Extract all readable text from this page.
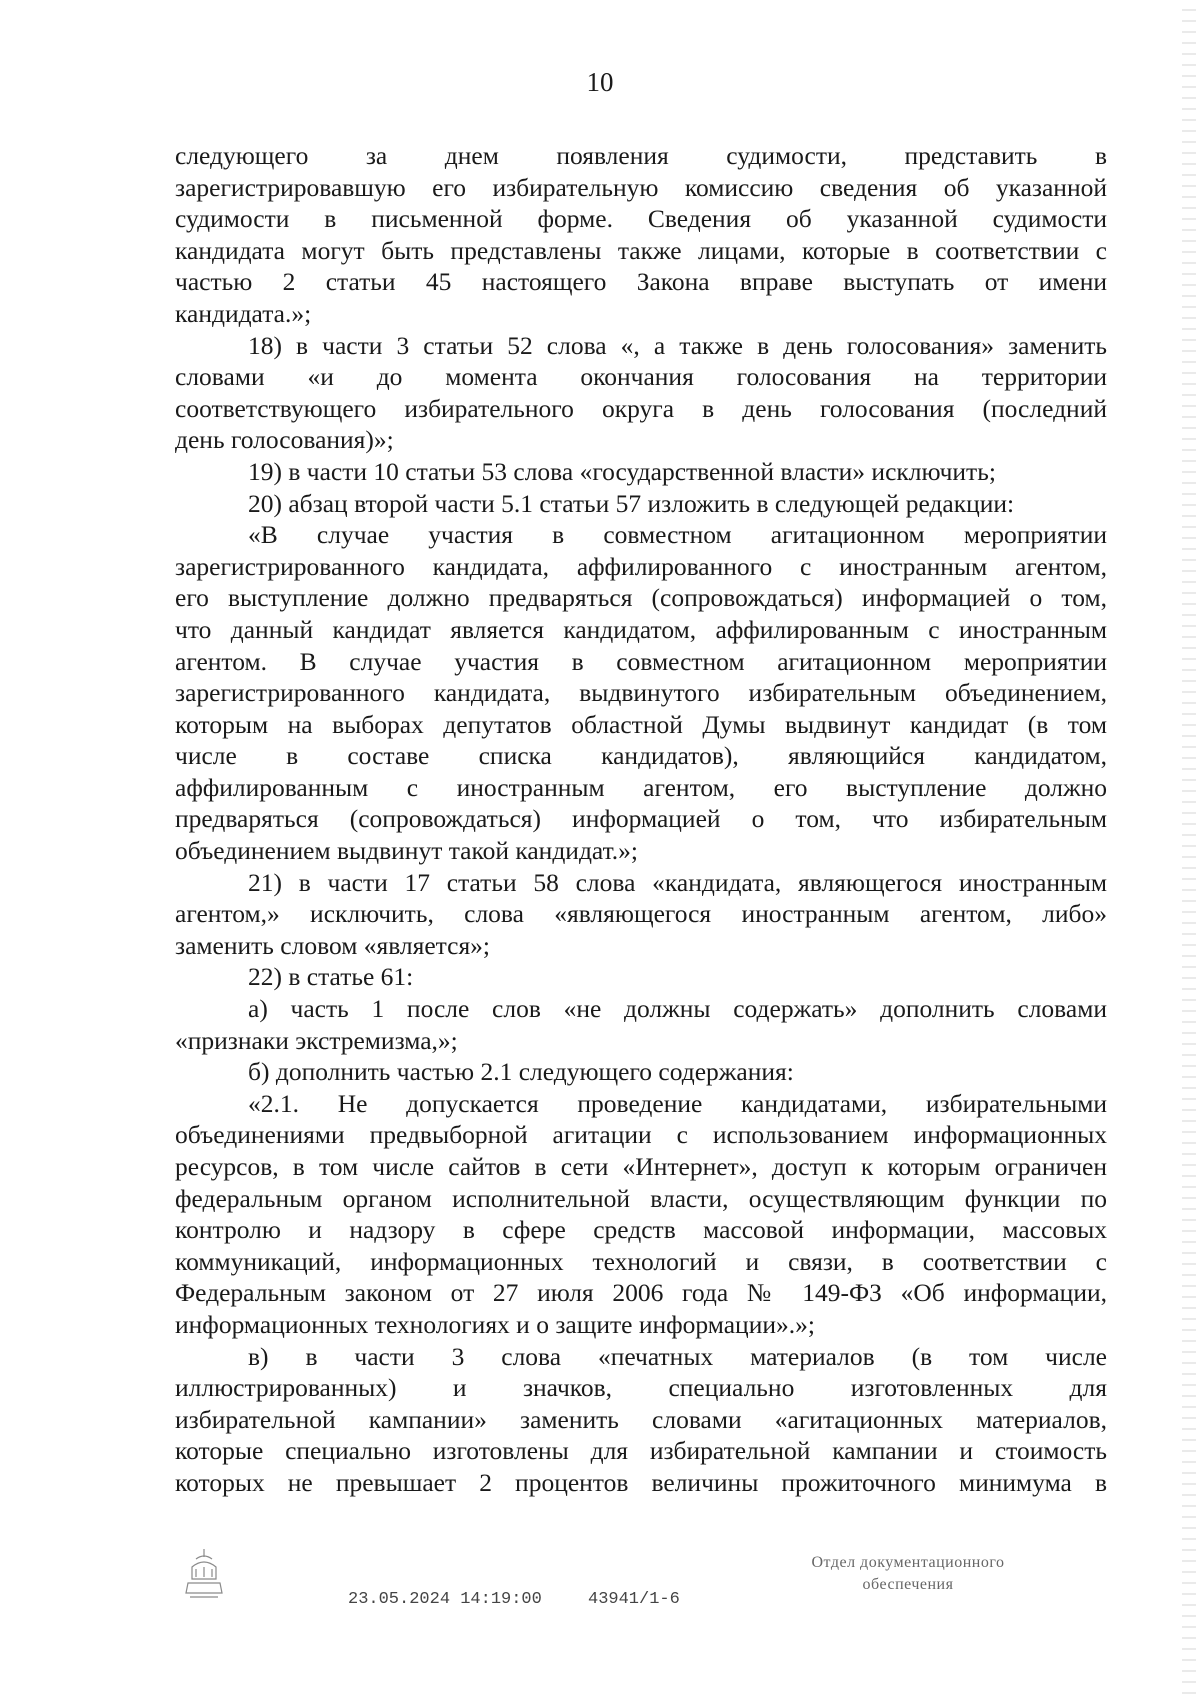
10

следующего за днем появления судимости, представить в

зарегистрировавшую его избирательную комиссию сведения об указанной

судимости в письменной форме. Сведения об указанной судимости

кандидата могут быть представлены также лицами, которые в соответствии с

частью 2 статьи 45 настоящего Закона вправе выступать от имени

кандидата.»;

18) в части 3 статьи 52 слова «, а также в день голосования» заменить

словами «и до момента окончания голосования на территории

соответствующего избирательного округа в день голосования (последний

день голосования)»;

19) в части 10 статьи 53 слова «государственной власти» исключить;

20) абзац второй части 5.1 статьи 57 изложить в следующей редакции:

«В случае участия в совместном агитационном мероприятии

зарегистрированного кандидата, аффилированного с иностранным агентом,

его выступление должно предваряться (сопровождаться) информацией о том,

что данный кандидат является кандидатом, аффилированным с иностранным

агентом. В случае участия в совместном агитационном мероприятии

зарегистрированного кандидата, выдвинутого избирательным объединением,

которым на выборах депутатов областной Думы выдвинут кандидат (в том

числе в составе списка кандидатов), являющийся кандидатом,

аффилированным с иностранным агентом, его выступление должно

предваряться (сопровождаться) информацией о том, что избирательным

объединением выдвинут такой кандидат.»;

21) в части 17 статьи 58 слова «кандидата, являющегося иностранным

агентом,» исключить, слова «являющегося иностранным агентом, либо»

заменить словом «является»;

22) в статье 61:

а) часть 1 после слов «не должны содержать» дополнить словами

«признаки экстремизма,»;

б) дополнить частью 2.1 следующего содержания:

«2.1. Не допускается проведение кандидатами, избирательными

объединениями предвыборной агитации с использованием информационных

ресурсов, в том числе сайтов в сети «Интернет», доступ к которым ограничен

федеральным органом исполнительной власти, осуществляющим функции по

контролю и надзору в сфере средств массовой информации, массовых

коммуникаций, информационных технологий и связи, в соответствии с

Федеральным законом от 27 июля 2006 года № 149-ФЗ «Об информации,

информационных технологиях и о защите информации».»;

в) в части 3 слова «печатных материалов (в том числе

иллюстрированных) и значков, специально изготовленных для

избирательной кампании» заменить словами «агитационных материалов,

которые специально изготовлены для избирательной кампании и стоимость

которых не превышает 2 процентов величины прожиточного минимума в

23.05.2024 14:19:00	43941/1-6
Отдел документационного
обеспечения
